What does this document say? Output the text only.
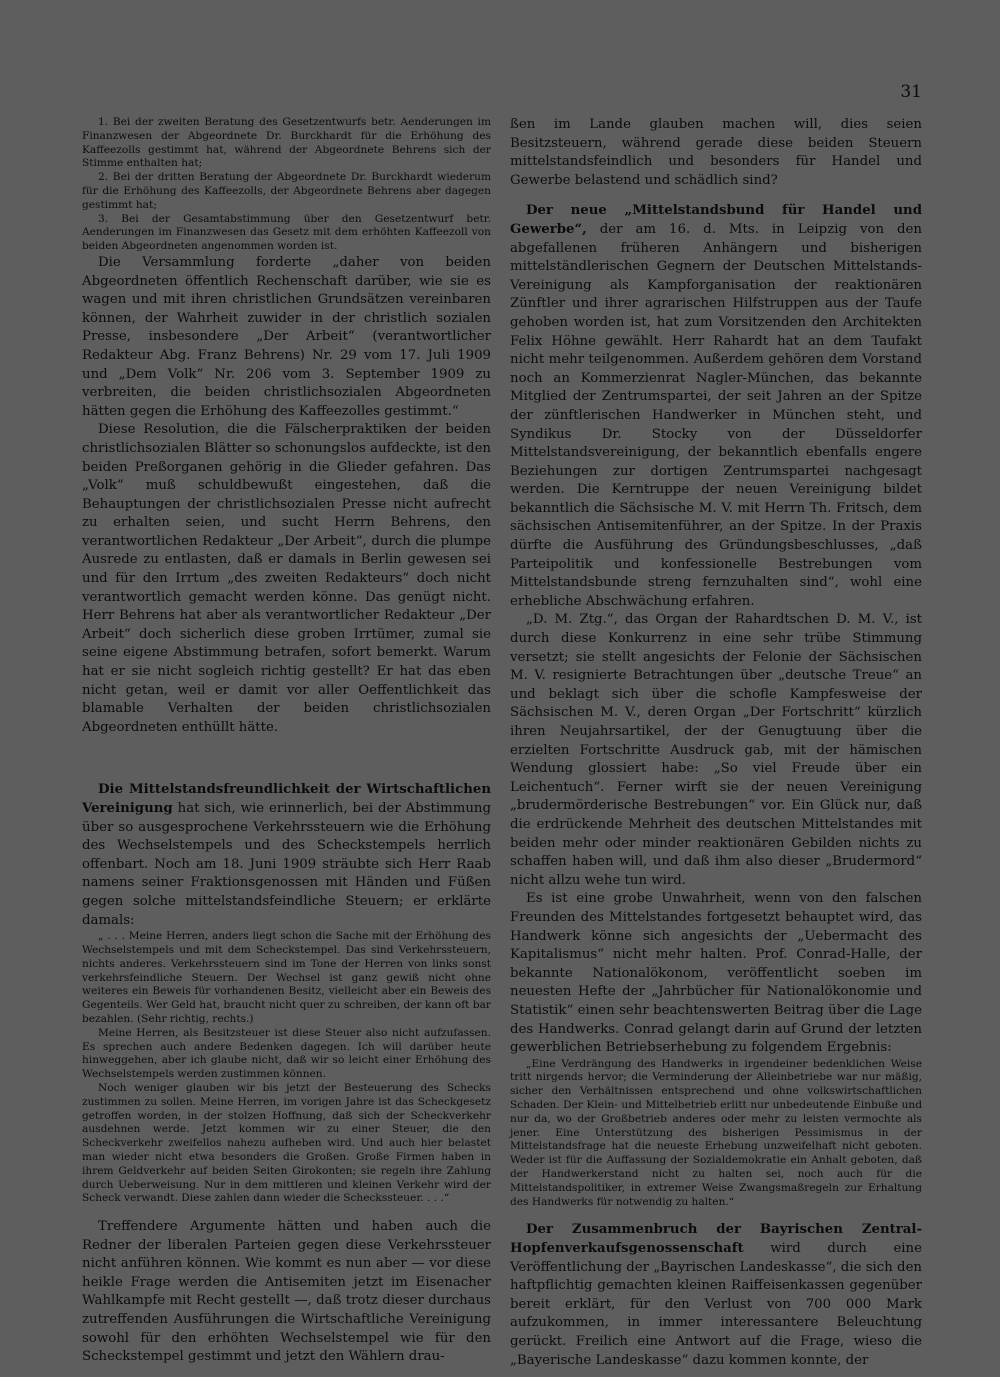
31

1. Bei der zweiten Beratung des Gesetzentwurfs betr. Aenderungen im Finanzwesen der Abgeordnete Dr. Burckhardt für die Erhöhung des Kaffeezolls gestimmt hat, während der Abgeordnete Behrens sich der Stimme enthalten hat;

2. Bei der dritten Beratung der Abgeordnete Dr. Burckhardt wiederum für die Erhöhung des Kaffeezolls, der Abgeordnete Behrens aber dagegen gestimmt hat;

3. Bei der Gesamtabstimmung über den Gesetzentwurf betr. Aenderungen im Finanzwesen das Gesetz mit dem erhöhten Kaffeezoll von beiden Abgeordneten angenommen worden ist.

Die Versammlung forderte „daher von beiden Abgeordneten öffentlich Rechenschaft darüber, wie sie es wagen und mit ihren christlichen Grundsätzen vereinbaren können, der Wahrheit zuwider in der christlich sozialen Presse, insbesondere „Der Arbeit“ (verantwortlicher Redakteur Abg. Franz Behrens) Nr. 29 vom 17. Juli 1909 und „Dem Volk“ Nr. 206 vom 3. September 1909 zu verbreiten, die beiden christlichsozialen Abgeordneten hätten gegen die Erhöhung des Kaffeezolles gestimmt.“

Diese Resolution, die die Fälscherpraktiken der beiden christlichsozialen Blätter so schonungslos aufdeckte, ist den beiden Preßorganen gehörig in die Glieder gefahren. Das „Volk“ muß schuldbewußt eingestehen, daß die Behauptungen der christlichsozialen Presse nicht aufrecht zu erhalten seien, und sucht Herrn Behrens, den verantwortlichen Redakteur „Der Arbeit“, durch die plumpe Ausrede zu entlasten, daß er damals in Berlin gewesen sei und für den Irrtum „des zweiten Redakteurs“ doch nicht verantwortlich gemacht werden könne. Das genügt nicht. Herr Behrens hat aber als verantwortlicher Redakteur „Der Arbeit“ doch sicherlich diese groben Irrtümer, zumal sie seine eigene Abstimmung betrafen, sofort bemerkt. Warum hat er sie nicht sogleich richtig gestellt? Er hat das eben nicht getan, weil er damit vor aller Oeffentlichkeit das blamable Verhalten der beiden christlichsozialen Abgeordneten enthüllt hätte.

Die Mittelstandsfreundlichkeit der Wirtschaftlichen Vereinigung hat sich, wie erinnerlich, bei der Abstimmung über so ausgesprochene Verkehrssteuern wie die Erhöhung des Wechselstempels und des Scheckstempels herrlich offenbart. Noch am 18. Juni 1909 sträubte sich Herr Raab namens seiner Fraktionsgenossen mit Händen und Füßen gegen solche mittelstandsfeindliche Steuern; er erklärte damals:

„ . . . Meine Herren, anders liegt schon die Sache mit der Erhöhung des Wechselstempels und mit dem Scheckstempel. Das sind Verkehrssteuern, nichts anderes. Verkehrssteuern sind im Tone der Herren von links sonst verkehrsfeindliche Steuern. Der Wechsel ist ganz gewiß nicht ohne weiteres ein Beweis für vorhandenen Besitz, vielleicht aber ein Beweis des Gegenteils. Wer Geld hat, braucht nicht quer zu schreiben, der kann oft bar bezahlen. (Sehr richtig, rechts.)

Meine Herren, als Besitzsteuer ist diese Steuer also nicht aufzufassen. Es sprechen auch andere Bedenken dagegen. Ich will darüber heute hinweggehen, aber ich glaube nicht, daß wir so leicht einer Erhöhung des Wechselstempels werden zustimmen können.

Noch weniger glauben wir bis jetzt der Besteuerung des Schecks zustimmen zu sollen. Meine Herren, im vorigen Jahre ist das Scheckgesetz getroffen worden, in der stolzen Hoffnung, daß sich der Scheckverkehr ausdehnen werde. Jetzt kommen wir zu einer Steuer, die den Scheckverkehr zweifellos nahezu aufheben wird. Und auch hier belastet man wieder nicht etwa besonders die Großen. Große Firmen haben in ihrem Geldverkehr auf beiden Seiten Girokonten; sie regeln ihre Zahlung durch Ueberweisung. Nur in dem mittleren und kleinen Verkehr wird der Scheck verwandt. Diese zahlen dann wieder die Scheckssteuer. . . .“

Treffendere Argumente hätten und haben auch die Redner der liberalen Parteien gegen diese Verkehrssteuer nicht anführen können. Wie kommt es nun aber — vor diese heikle Frage werden die Antisemiten jetzt im Eisenacher Wahlkampfe mit Recht gestellt —, daß trotz dieser durchaus zutreffenden Ausführungen die Wirtschaftliche Vereinigung sowohl für den erhöhten Wechselstempel wie für den Scheckstempel gestimmt und jetzt den Wählern drau-

ßen im Lande glauben machen will, dies seien Besitzsteuern, während gerade diese beiden Steuern mittelstandsfeindlich und besonders für Handel und Gewerbe belastend und schädlich sind?

Der neue „Mittelstandsbund für Handel und Gewerbe“, der am 16. d. Mts. in Leipzig von den abgefallenen früheren Anhängern und bisherigen mittelständlerischen Gegnern der Deutschen Mittelstands-Vereinigung als Kampforganisation der reaktionären Zünftler und ihrer agrarischen Hilfstruppen aus der Taufe gehoben worden ist, hat zum Vorsitzenden den Architekten Felix Höhne gewählt. Herr Rahardt hat an dem Taufakt nicht mehr teilgenommen. Außerdem gehören dem Vorstand noch an Kommerzienrat Nagler-München, das bekannte Mitglied der Zentrumspartei, der seit Jahren an der Spitze der zünftlerischen Handwerker in München steht, und Syndikus Dr. Stocky von der Düsseldorfer Mittelstandsvereinigung, der bekanntlich ebenfalls engere Beziehungen zur dortigen Zentrumspartei nachgesagt werden. Die Kerntruppe der neuen Vereinigung bildet bekanntlich die Sächsische M. V. mit Herrn Th. Fritsch, dem sächsischen Antisemitenführer, an der Spitze. In der Praxis dürfte die Ausführung des Gründungsbeschlusses, „daß Parteipolitik und konfessionelle Bestrebungen vom Mittelstandsbunde streng fernzuhalten sind“, wohl eine erhebliche Abschwächung erfahren.

„D. M. Ztg.“, das Organ der Rahardtschen D. M. V., ist durch diese Konkurrenz in eine sehr trübe Stimmung versetzt; sie stellt angesichts der Felonie der Sächsischen M. V. resignierte Betrachtungen über „deutsche Treue“ an und beklagt sich über die schofle Kampfesweise der Sächsischen M. V., deren Organ „Der Fortschritt“ kürzlich ihren Neujahrsartikel, der der Genugtuung über die erzielten Fortschritte Ausdruck gab, mit der hämischen Wendung glossiert habe: „So viel Freude über ein Leichentuch“. Ferner wirft sie der neuen Vereinigung „brudermörderische Bestrebungen“ vor. Ein Glück nur, daß die erdrückende Mehrheit des deutschen Mittelstandes mit beiden mehr oder minder reaktionären Gebilden nichts zu schaffen haben will, und daß ihm also dieser „Brudermord“ nicht allzu wehe tun wird.

Es ist eine grobe Unwahrheit, wenn von den falschen Freunden des Mittelstandes fortgesetzt behauptet wird, das Handwerk könne sich angesichts der „Uebermacht des Kapitalismus“ nicht mehr halten. Prof. Conrad-Halle, der bekannte Nationalökonom, veröffentlicht soeben im neuesten Hefte der „Jahrbücher für Nationalökonomie und Statistik“ einen sehr beachtenswerten Beitrag über die Lage des Handwerks. Conrad gelangt darin auf Grund der letzten gewerblichen Betriebserhebung zu folgendem Ergebnis:

„Eine Verdrängung des Handwerks in irgendeiner bedenklichen Weise tritt nirgends hervor; die Verminderung der Alleinbetriebe war nur mäßig, sicher den Verhältnissen entsprechend und ohne volkswirtschaftlichen Schaden. Der Klein- und Mittelbetrieb erlitt nur unbedeutende Einbuße und nur da, wo der Großbetrieb anderes oder mehr zu leisten vermochte als jener. Eine Unterstützung des bisherigen Pessimismus in der Mittelstandsfrage hat die neueste Erhebung unzweifelhaft nicht geboten. Weder ist für die Auffassung der Sozialdemokratie ein Anhalt geboten, daß der Handwerkerstand nicht zu halten sei, noch auch für die Mittelstandspolitiker, in extremer Weise Zwangsmaßregeln zur Erhaltung des Handwerks für notwendig zu halten.“

Der Zusammenbruch der Bayrischen Zentral-Hopfenverkaufsgenossenschaft wird durch eine Veröffentlichung der „Bayrischen Landeskasse“, die sich den haftpflichtig gemachten kleinen Raiffeisenkassen gegenüber bereit erklärt, für den Verlust von 700 000 Mark aufzukommen, in immer interessantere Beleuchtung gerückt. Freilich eine Antwort auf die Frage, wieso die „Bayerische Landeskasse“ dazu kommen konnte, der
